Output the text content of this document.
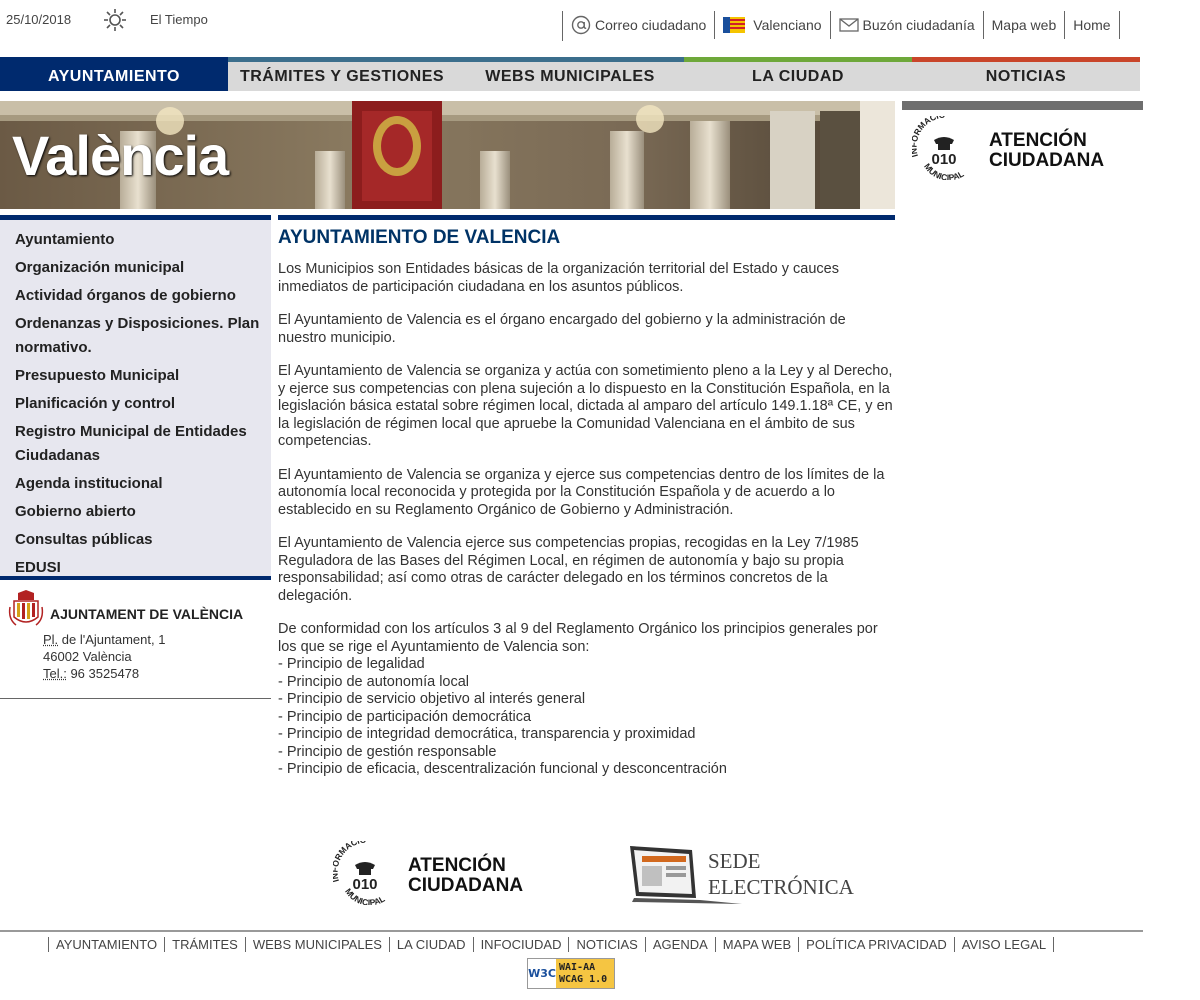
25/10/2018	El Tiempo	Correo ciudadano	Valenciano	Buzón ciudadanía Mapa web Home
AYUNTAMIENTO	TRÁMITES Y GESTIONES	WEBS MUNICIPALES	LA CIUDAD	NOTICIAS
València	RMAC
010
MUNICIPAL
ATENCIÓN
CIUDADANA
Ayuntamiento
Organización municipal
Actividad órganos de gobierno
Ordenanzas y Disposiciones. Plan normativo.
Presupuesto Municipal
Planificación y control
Registro Municipal de Entidades Ciudadanas
Agenda institucional
Gobierno abierto
Consultas públicas
EDUSI
AJUNTAMENT DE VALÈNCIA
Pl. de l'Ajuntament, 1
46002 València
Tel.: 96 3525478
AYUNTAMIENTO DE VALENCIA

Los Municipios son Entidades básicas de la organización territorial del Estado y cauces inmediatos de participación ciudadana en los asuntos públicos.

El Ayuntamiento de Valencia es el órgano encargado del gobierno y la administración de nuestro municipio.

El Ayuntamiento de Valencia se organiza y actúa con sometimiento pleno a la Ley y al Derecho, y ejerce sus competencias con plena sujeción a lo dispuesto en la Constitución Española, en la legislación básica estatal sobre régimen local, dictada al amparo del artículo 149.1.18ª CE, y en la legislación de régimen local que apruebe la Comunidad Valenciana en el ámbito de sus competencias.

El Ayuntamiento de Valencia se organiza y ejerce sus competencias dentro de los límites de la autonomía local reconocida y protegida por la Constitución Española y de acuerdo a lo establecido en su Reglamento Orgánico de Gobierno y Administración.

El Ayuntamiento de Valencia ejerce sus competencias propias, recogidas en la Ley 7/1985 Reguladora de las Bases del Régimen Local, en régimen de autonomía y bajo su propia responsabilidad; así como otras de carácter delegado en los términos concretos de la delegación.

De conformidad con los artículos 3 al 9 del Reglamento Orgánico los principios generales por los que se rige el Ayuntamiento de Valencia son:

- Principio de legalidad
- Principio de autonomía local
- Principio de servicio objetivo al interés general
- Principio de participación democrática
- Principio de integridad democrática, transparencia y proximidad
- Principio de gestión responsable
- Principio de eficacia, descentralización funcional y desconcentración
RMAC
010
MUNICIPAL
ATENCIÓN
CIUDADANA
SEDE
ELECTRÓNICA
AYUNTAMIENTO	TRÁMITES	WEBS MUNICIPALES	LA CIUDAD	INFOCIUDAD	NOTICIAS	AGENDA	MAPA WEB	POLÍTICA PRIVACIDAD	AVISO LEGAL
W3C WAI-AA
WCAG 1.0
